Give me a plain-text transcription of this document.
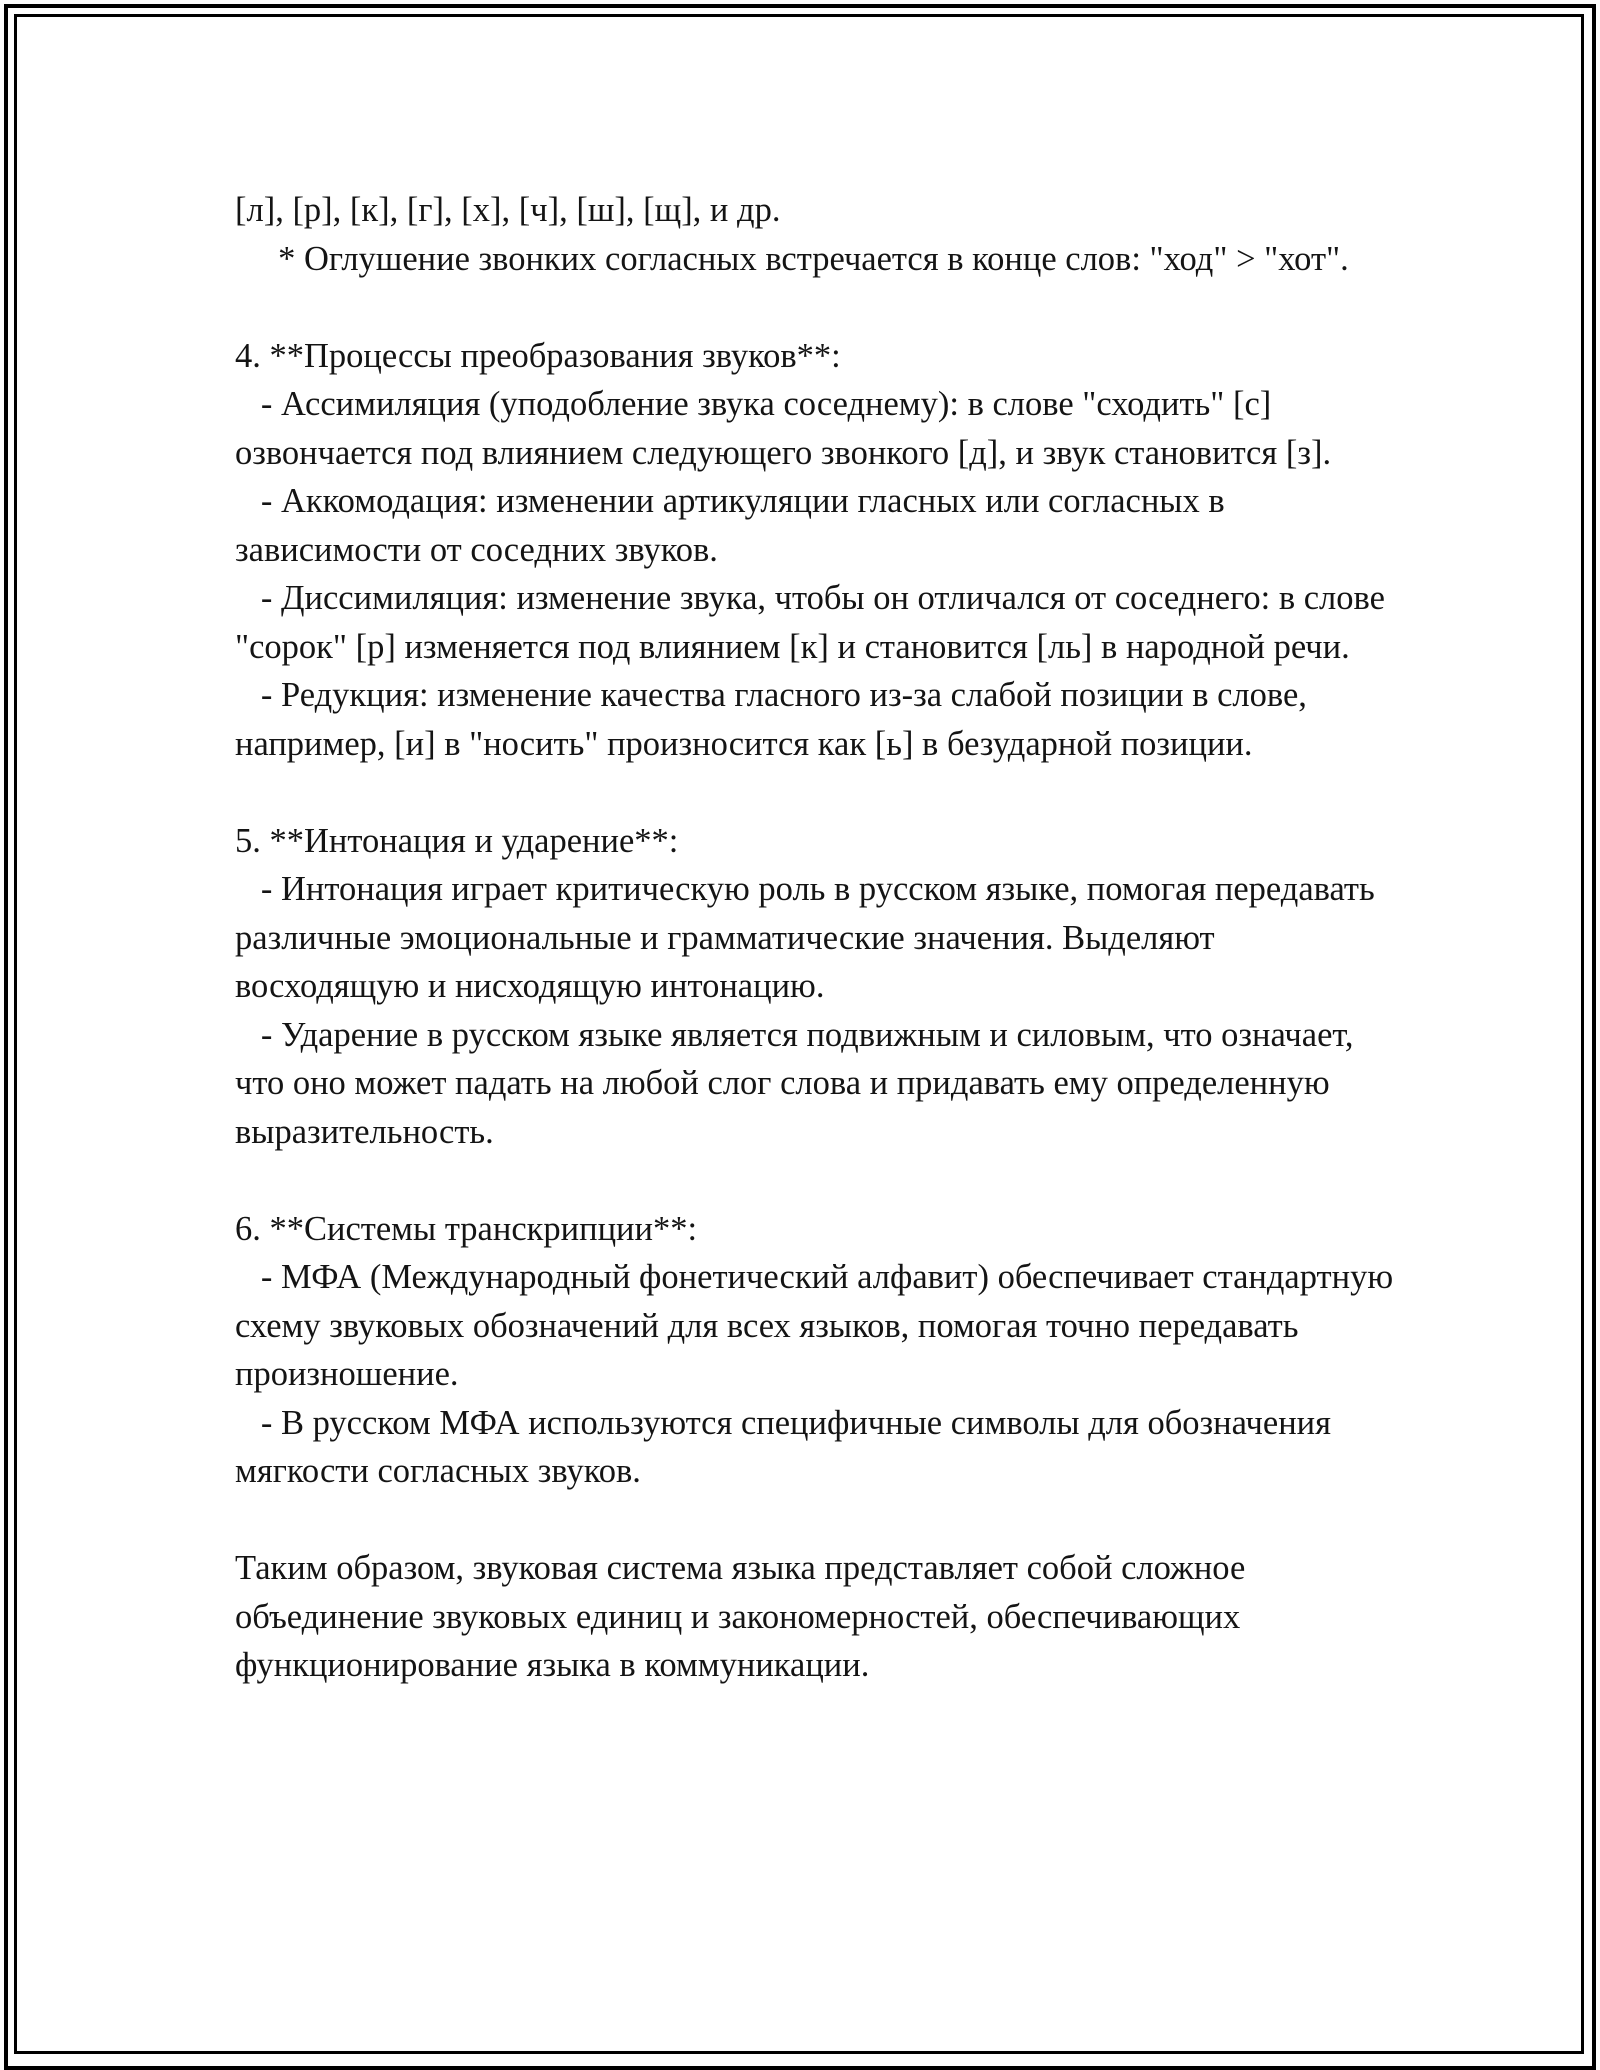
[л], [р], [к], [г], [х], [ч], [ш], [щ], и др.

* Оглушение звонких согласных встречается в конце слов: "ход" > "хот".

4. **Процессы преобразования звуков**:

- Ассимиляция (уподобление звука соседнему): в слове "сходить" [с] озвончается под влиянием следующего звонкого [д], и звук становится [з].

- Аккомодация: изменении артикуляции гласных или согласных в зависимости от соседних звуков.

- Диссимиляция: изменение звука, чтобы он отличался от соседнего: в слове "сорок" [р] изменяется под влиянием [к] и становится [ль] в народной речи.

- Редукция: изменение качества гласного из-за слабой позиции в слове, например, [и] в "носить" произносится как [ь] в безударной позиции.

5. **Интонация и ударение**:

- Интонация играет критическую роль в русском языке, помогая передавать различные эмоциональные и грамматические значения. Выделяют восходящую и нисходящую интонацию.

- Ударение в русском языке является подвижным и силовым, что означает, что оно может падать на любой слог слова и придавать ему определенную выразительность.

6. **Системы транскрипции**:

- МФА (Международный фонетический алфавит) обеспечивает стандартную схему звуковых обозначений для всех языков, помогая точно передавать произношение.

- В русском МФА используются специфичные символы для обозначения мягкости согласных звуков.

Таким образом, звуковая система языка представляет собой сложное объединение звуковых единиц и закономерностей, обеспечивающих функционирование языка в коммуникации.
